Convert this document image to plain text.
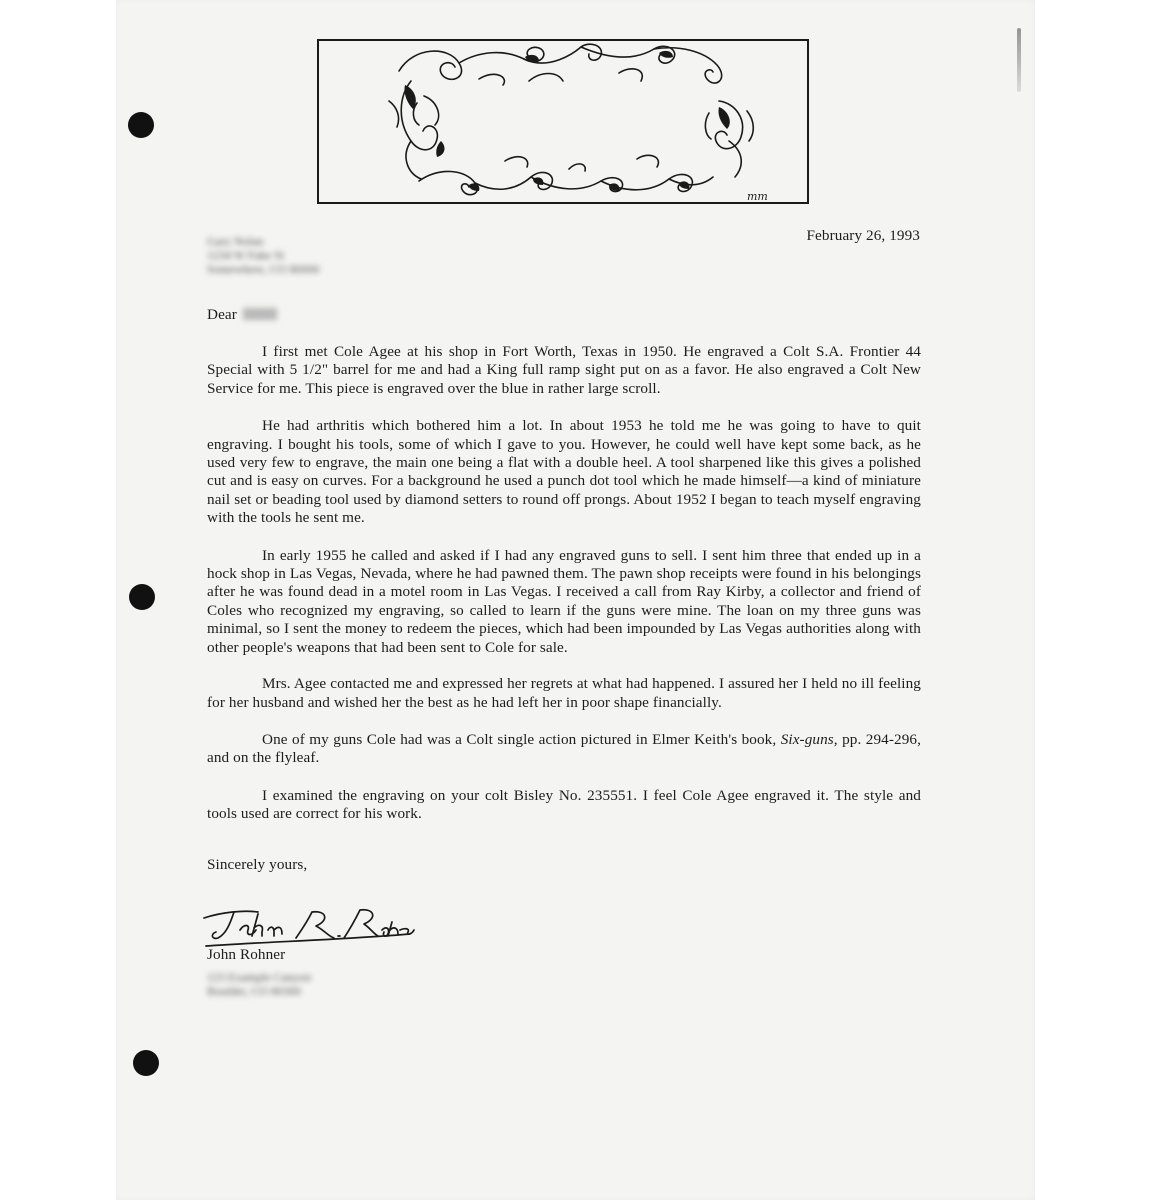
mm
February 26, 1993
Gary Nolan
1234 W Fake St
Somewhere, CO 80000
Dear

I first met Cole Agee at his shop in Fort Worth, Texas in 1950. He engraved a Colt S.A. Frontier 44 Special with 5 1/2" barrel for me and had a King full ramp sight put on as a favor. He also engraved a Colt New Service for me. This piece is engraved over the blue in rather large scroll.

He had arthritis which bothered him a lot. In about 1953 he told me he was going to have to quit engraving. I bought his tools, some of which I gave to you. However, he could well have kept some back, as he used very few to engrave, the main one being a flat with a double heel. A tool sharpened like this gives a polished cut and is easy on curves. For a background he used a punch dot tool which he made himself—a kind of miniature nail set or beading tool used by diamond setters to round off prongs. About 1952 I began to teach myself engraving with the tools he sent me.

In early 1955 he called and asked if I had any engraved guns to sell. I sent him three that ended up in a hock shop in Las Vegas, Nevada, where he had pawned them. The pawn shop receipts were found in his belongings after he was found dead in a motel room in Las Vegas. I received a call from Ray Kirby, a collector and friend of Coles who recognized my engraving, so called to learn if the guns were mine. The loan on my three guns was minimal, so I sent the money to redeem the pieces, which had been impounded by Las Vegas authorities along with other people's weapons that had been sent to Cole for sale.

Mrs. Agee contacted me and expressed her regrets at what had happened. I assured her I held no ill feeling for her husband and wished her the best as he had left her in poor shape financially.

One of my guns Cole had was a Colt single action pictured in Elmer Keith's book, Six-guns, pp. 294-296, and on the flyleaf.

I examined the engraving on your colt Bisley No. 235551. I feel Cole Agee engraved it. The style and tools used are correct for his work.

Sincerely yours,
John Rohner
123 Example Canyon
Boulder, CO 80300
